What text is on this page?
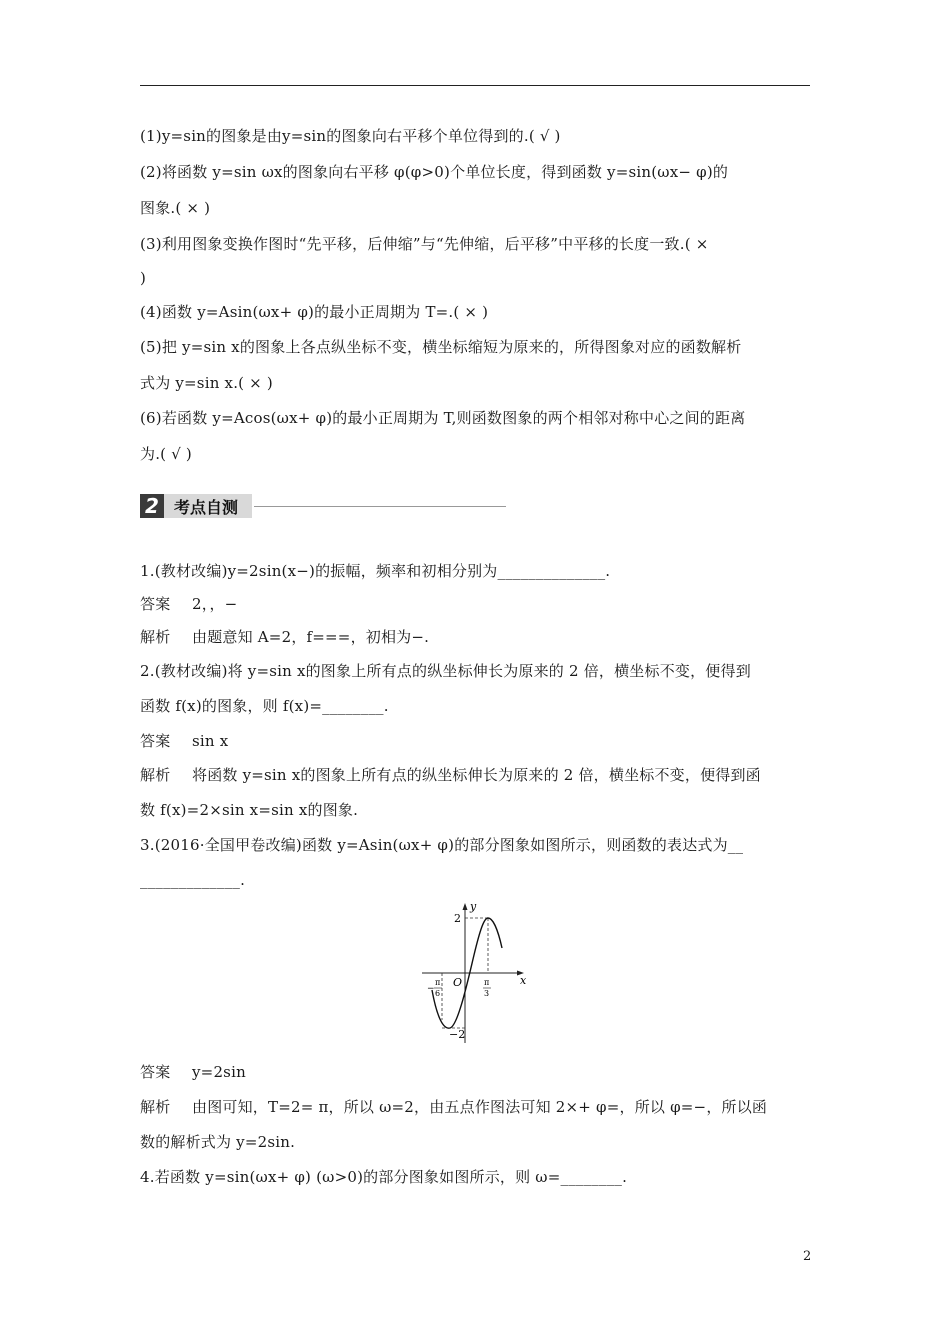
(1)y=sin的图象是由y=sin的图象向右平移个单位得到的.( √ )
(2)将函数 y=sin ωx的图象向右平移 φ(φ>0)个单位长度，得到函数 y=sin(ωx− φ)的
图象.( × )
(3)利用图象变换作图时“先平移，后伸缩”与“先伸缩，后平移”中平移的长度一致.( ×
)
(4)函数 y=Asin(ωx+ φ)的最小正周期为 T=.( × )
(5)把 y=sin x的图象上各点纵坐标不变，横坐标缩短为原来的，所得图象对应的函数解析
式为 y=sin x.( × )
(6)若函数 y=Acos(ωx+ φ)的最小正周期为 T,则函数图象的两个相邻对称中心之间的距离
为.( √ )
2 考点自测
1.(教材改编)y=2sin(x−)的振幅，频率和初相分别为______________.
答案 2，，−
解析 由题意知 A=2，f===，初相为−.
2.(教材改编)将 y=sin x的图象上所有点的纵坐标伸长为原来的 2 倍，横坐标不变，便得到
函数 f(x)的图象，则 f(x)=________.
答案 sin x
解析 将函数 y=sin x的图象上所有点的纵坐标伸长为原来的 2 倍，横坐标不变，便得到函
数 f(x)=2×sin x=sin x的图象.
3.(2016·全国甲卷改编)函数 y=Asin(ωx+ φ)的部分图象如图所示，则函数的表达式为__
_____________.
y
x
O
2
−2
−
π
6
π
3
答案 y=2sin
解析 由图可知，T=2= π，所以 ω=2，由五点作图法可知 2×+ φ=，所以 φ=−，所以函
数的解析式为 y=2sin.
4.若函数 y=sin(ωx+ φ) (ω>0)的部分图象如图所示，则 ω=________.
2
